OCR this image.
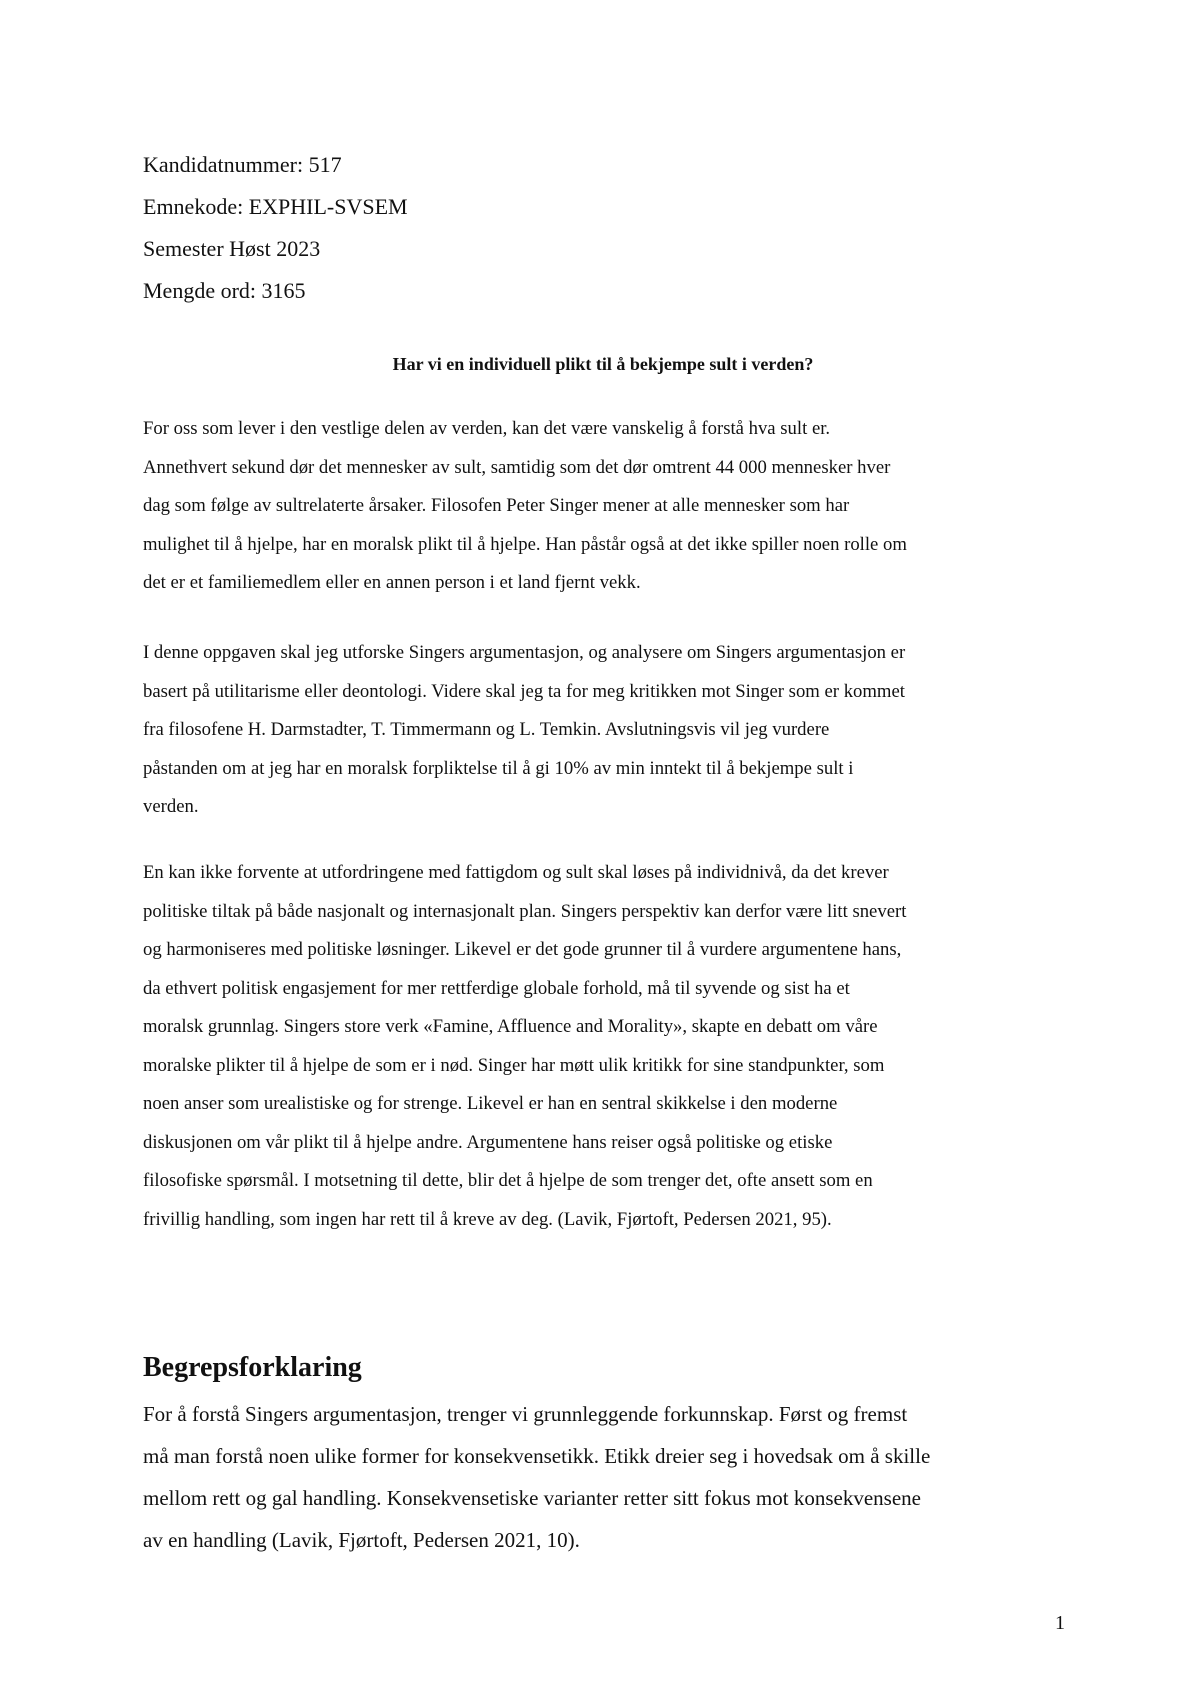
Kandidatnummer: 517
Emnekode: EXPHIL-SVSEM
Semester Høst 2023
Mengde ord: 3165
Har vi en individuell plikt til å bekjempe sult i verden?

For oss som lever i den vestlige delen av verden, kan det være vanskelig å forstå hva sult er.
Annethvert sekund dør det mennesker av sult, samtidig som det dør omtrent 44 000 mennesker hver
dag som følge av sultrelaterte årsaker. Filosofen Peter Singer mener at alle mennesker som har
mulighet til å hjelpe, har en moralsk plikt til å hjelpe. Han påstår også at det ikke spiller noen rolle om
det er et familiemedlem eller en annen person i et land fjernt vekk.

I denne oppgaven skal jeg utforske Singers argumentasjon, og analysere om Singers argumentasjon er
basert på utilitarisme eller deontologi. Videre skal jeg ta for meg kritikken mot Singer som er kommet
fra filosofene H. Darmstadter, T. Timmermann og L. Temkin. Avslutningsvis vil jeg vurdere
påstanden om at jeg har en moralsk forpliktelse til å gi 10% av min inntekt til å bekjempe sult i
verden.

En kan ikke forvente at utfordringene med fattigdom og sult skal løses på individnivå, da det krever
politiske tiltak på både nasjonalt og internasjonalt plan. Singers perspektiv kan derfor være litt snevert
og harmoniseres med politiske løsninger. Likevel er det gode grunner til å vurdere argumentene hans,
da ethvert politisk engasjement for mer rettferdige globale forhold, må til syvende og sist ha et
moralsk grunnlag. Singers store verk «Famine, Affluence and Morality», skapte en debatt om våre
moralske plikter til å hjelpe de som er i nød. Singer har møtt ulik kritikk for sine standpunkter, som
noen anser som urealistiske og for strenge. Likevel er han en sentral skikkelse i den moderne
diskusjonen om vår plikt til å hjelpe andre. Argumentene hans reiser også politiske og etiske
filosofiske spørsmål. I motsetning til dette, blir det å hjelpe de som trenger det, ofte ansett som en
frivillig handling, som ingen har rett til å kreve av deg. (Lavik, Fjørtoft, Pedersen 2021, 95).

Begrepsforklaring

For å forstå Singers argumentasjon, trenger vi grunnleggende forkunnskap. Først og fremst
må man forstå noen ulike former for konsekvensetikk. Etikk dreier seg i hovedsak om å skille
mellom rett og gal handling. Konsekvensetiske varianter retter sitt fokus mot konsekvensene
av en handling (Lavik, Fjørtoft, Pedersen 2021, 10).

1
